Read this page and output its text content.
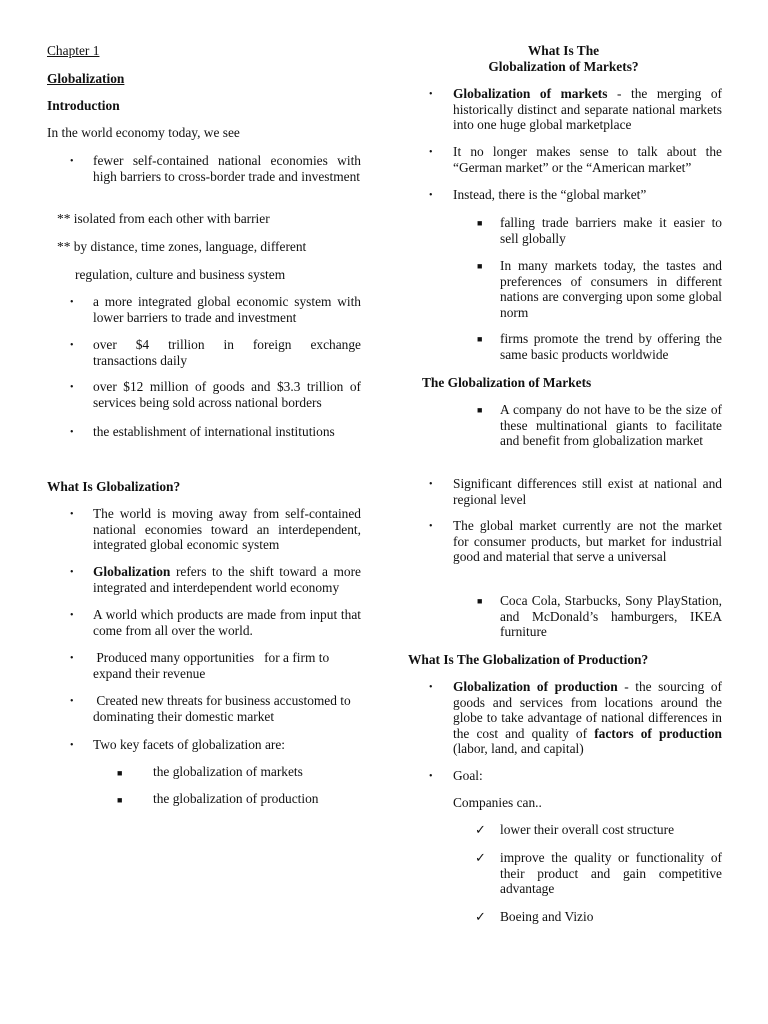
Chapter 1

Globalization

Introduction

In the world economy today, we see

• fewer self-contained national economies with high barriers to cross-border trade and investment

** isolated from each other with barrier

** by distance, time zones, language, different

regulation, culture and business system

• a more integrated global economic system with lower barriers to trade and investment

• over $4 trillion in foreign exchange
transactions daily

• over $12 million of goods and $3.3 trillion of services being sold across national borders

• the establishment of international institutions

What Is Globalization?

• The world is moving away from self-contained national economies toward an interdependent, integrated global economic system

• Globalization refers to the shift toward a more integrated and interdependent world economy

• A world which products are made from input that come from all over the world.

• Produced many opportunities   for a firm to expand their revenue

• Created new threats for business accustomed to dominating their domestic market

• Two key facets of globalization are:

■ the globalization of markets

■ the globalization of production

What Is The

Globalization of Markets?

• Globalization of markets - the merging of historically distinct and separate national markets into one huge global marketplace

• It no longer makes sense to talk about the “German market” or the “American market”

• Instead, there is the “global market”

■ falling trade barriers make it easier to sell globally

■ In many markets today, the tastes and preferences of consumers in different nations are converging upon some global norm

■ firms promote the trend by offering the same basic products worldwide

The Globalization of Markets

■ A company do not have to be the size of these multinational giants to facilitate and benefit from globalization market

• Significant differences still exist at national and regional level

• The global market currently are not the market for consumer products, but market for industrial good and material that serve a universal

■ Coca Cola, Starbucks, Sony PlayStation, and McDonald’s hamburgers, IKEA furniture

What Is The Globalization of Production?

• Globalization of production - the sourcing of goods and services from locations around the globe to take advantage of national differences in the cost and quality of factors of production (labor, land, and capital)

• Goal:

Companies can..

✓ lower their overall cost structure

✓ improve the quality or functionality of their product and gain competitive advantage

✓ Boeing and Vizio
